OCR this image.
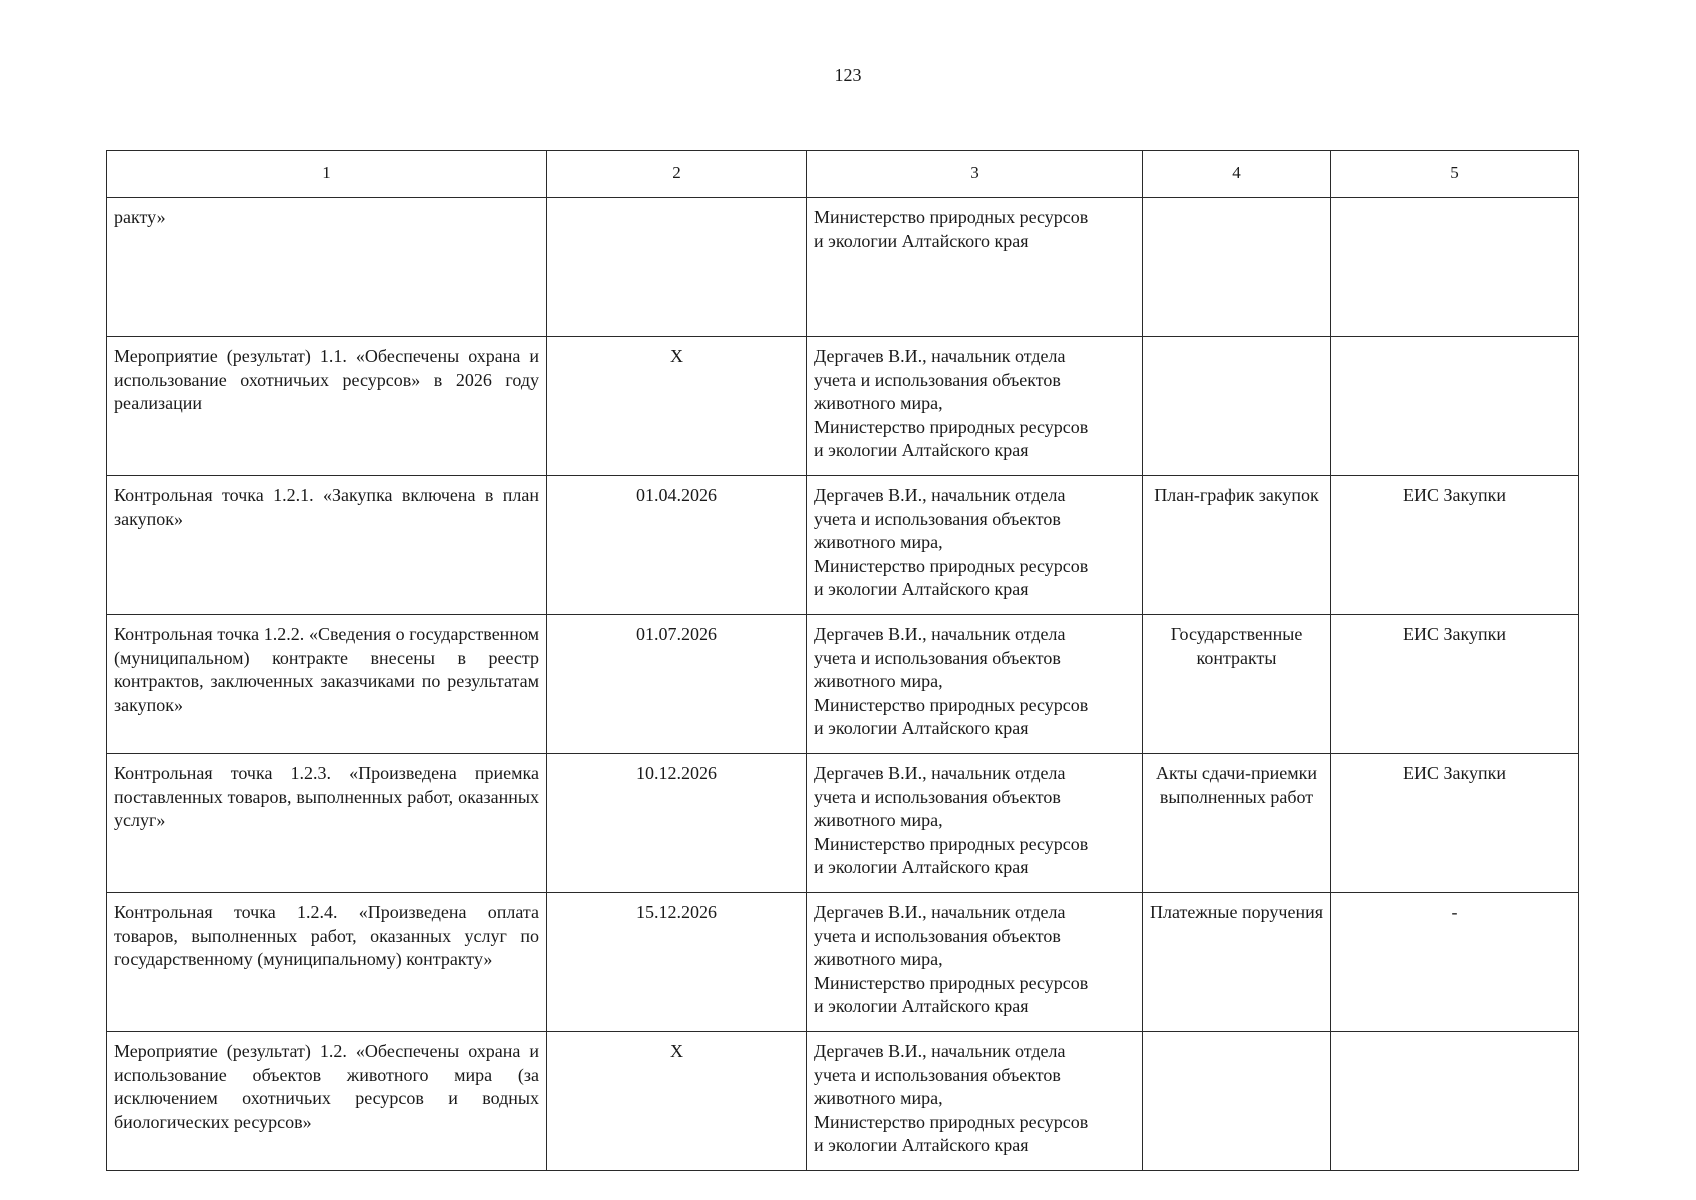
123
1	2	3	4	5
ракту»		Министерство природных ресурсов
и экологии Алтайского края		

Мероприятие (результат) 1.1. «Обеспечены охрана и использование охотничьих ресурсов» в 2026 году реализации	X	Дергачев В.И., начальник отдела
учета и использования объектов
животного мира,
Министерство природных ресурсов
и экологии Алтайского края		

Контрольная точка 1.2.1. «Закупка включена в план закупок»	01.04.2026	Дергачев В.И., начальник отдела
учета и использования объектов
животного мира,
Министерство природных ресурсов
и экологии Алтайского края	План-график закупок	ЕИС Закупки
Контрольная точка 1.2.2. «Сведения о государственном (муниципальном) контракте внесены в реестр контрактов, заключенных заказчиками по результатам закупок»	01.07.2026	Дергачев В.И., начальник отдела
учета и использования объектов
животного мира,
Министерство природных ресурсов
и экологии Алтайского края	Государственные контракты	ЕИС Закупки
Контрольная точка 1.2.3. «Произведена приемка поставленных товаров, выполненных работ, оказанных услуг»	10.12.2026	Дергачев В.И., начальник отдела
учета и использования объектов
животного мира,
Министерство природных ресурсов
и экологии Алтайского края	Акты сдачи-приемки выполненных работ	ЕИС Закупки
Контрольная точка 1.2.4. «Произведена оплата товаров, выполненных работ, оказанных услуг по государственному (муниципальному) контракту»	15.12.2026	Дергачев В.И., начальник отдела
учета и использования объектов
животного мира,
Министерство природных ресурсов
и экологии Алтайского края	Платежные поручения	-
Мероприятие (результат) 1.2. «Обеспечены охрана и использование объектов животного мира (за исключением охотничьих ресурсов и водных биологических ресурсов»	X	Дергачев В.И., начальник отдела
учета и использования объектов
животного мира,
Министерство природных ресурсов
и экологии Алтайского края		
